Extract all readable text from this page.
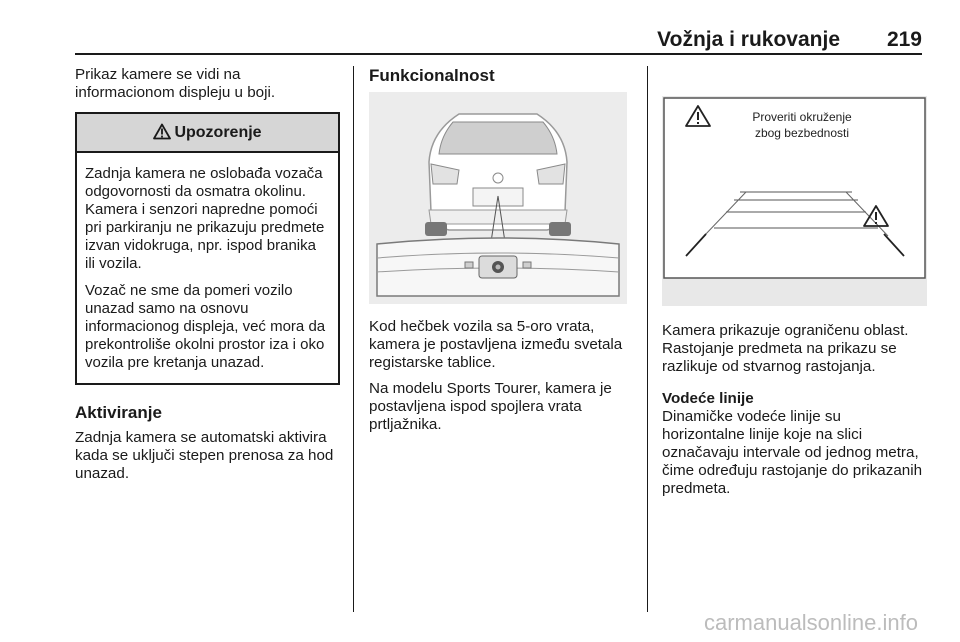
Vožnja i rukovanje 219

Prikaz kamere se vidi na informacionom displeju u boji.

Upozorenje

Zadnja kamera ne oslobađa vozača odgovornosti da osmatra okolinu. Kamera i senzori napredne pomoći pri parkiranju ne prikazuju predmete izvan vidokruga, npr. ispod branika ili vozila.

Vozač ne sme da pomeri vozilo unazad samo na osnovu informacionog displeja, već mora da prekontroliše okolni prostor iza i oko vozila pre kretanja unazad.

Aktiviranje

Zadnja kamera se automatski aktivira kada se uključi stepen prenosa za hod unazad.

Funkcionalnost

Kod hečbek vozila sa 5-oro vrata, kamera je postavljena između svetala registarske tablice.

Na modelu Sports Tourer, kamera je postavljena ispod spojlera vrata prtljažnika.

Proveriti okruženje
zbog bezbednosti

Kamera prikazuje ograničenu oblast. Rastojanje predmeta na prikazu se razlikuje od stvarnog rastojanja.

Vodeće linije

Dinamičke vodeće linije su horizontalne linije koje na slici označavaju intervale od jednog metra, čime određuju rastojanje do prikazanih predmeta.

carmanualsonline.info
